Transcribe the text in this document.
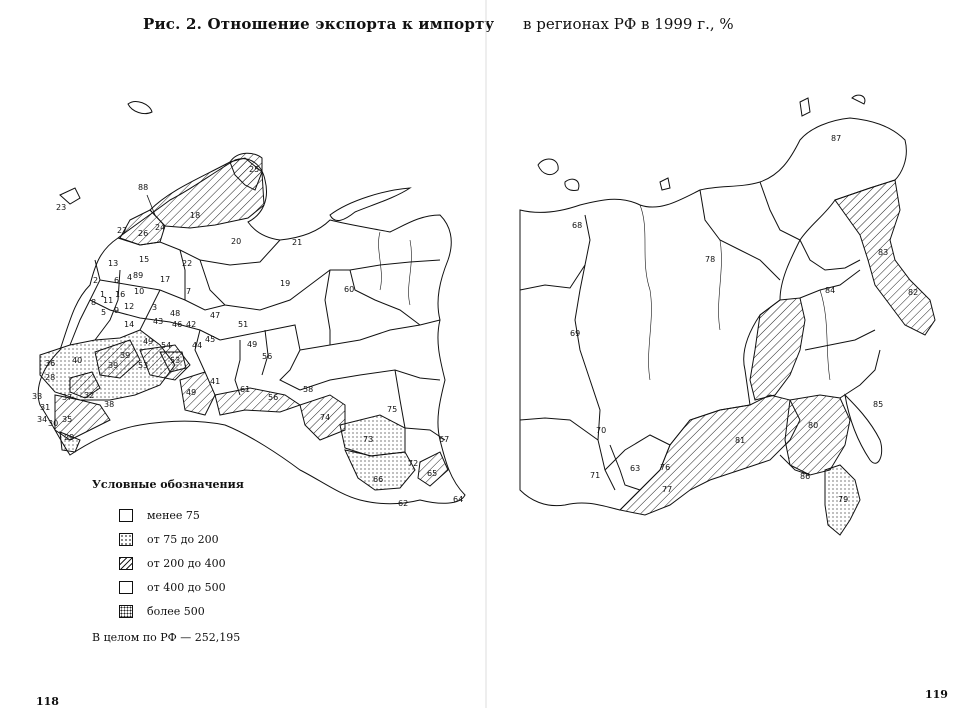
Рис. 2. Отношение экспорта к импорту в регионах РФ в 1999 г., %
25
18
88
27 26
24
23
20	21
15	22
19
13
60
2 6 4 89 17
7
10
16
1
8 11
12 3
9
5	47
51
14
48
46 42
43
45
49
56
49 54	44
39
53
53
36 40
39
28	41
61	58
49
56
33 37 32
31	38
75
34 30 35	74
29	73	67
72
65
66
62	64
87
68
78
83
82
84
69
85
80
70
81
63 76
71	86
77
79
Условные обозначения
менее 75
от 75 до 200
от 200 до 400
от 400 до 500
более 500
В целом по РФ — 252,195
118
119
